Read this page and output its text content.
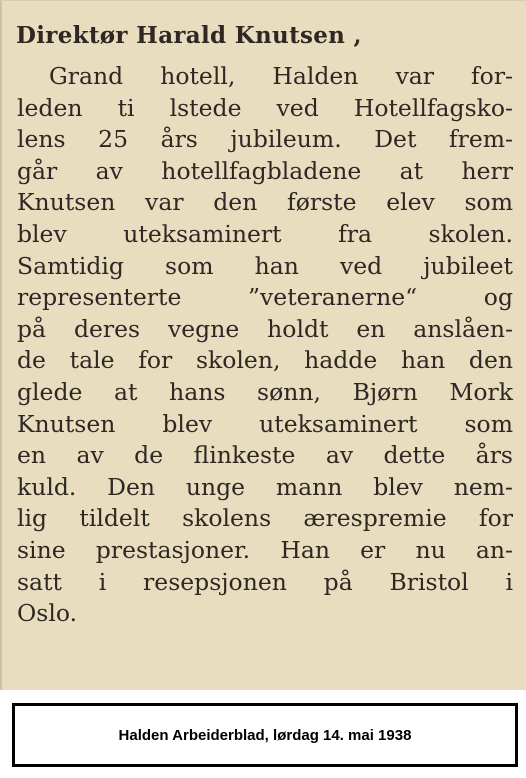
Direktør Harald Knutsen ,
Grand hotell, Halden var for-
leden ti lstede ved Hotellfagsko-
lens 25 års jubileum. Det frem-
går av hotellfagbladene at herr
Knutsen var den første elev som
blev uteksaminert fra skolen.
Samtidig som han ved jubileet
representerte ”veteranerne“ og
på deres vegne holdt en anslåen-
de tale for skolen, hadde han den
glede at hans sønn, Bjørn Mork
Knutsen blev uteksaminert som
en av de flinkeste av dette års
kuld. Den unge mann blev nem-
lig tildelt skolens ærespremie for
sine prestasjoner. Han er nu an-
satt i resepsjonen på Bristol i
Oslo.
Halden Arbeiderblad, lørdag 14. mai 1938
